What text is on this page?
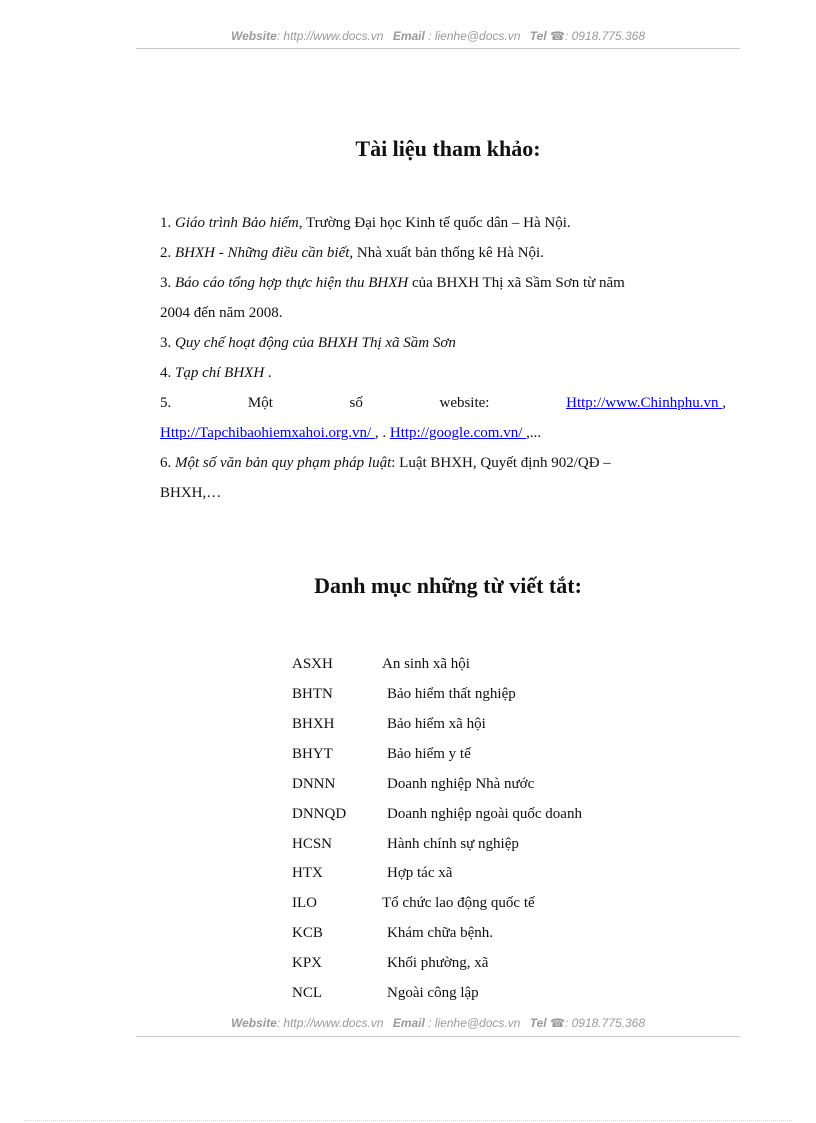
Website: http://www.docs.vn Email : lienhe@docs.vn Tel ☎: 0918.775.368
Tài liệu tham khảo:
1. Giáo trình Bảo hiểm, Trường Đại học Kinh tế quốc dân – Hà Nội.
2. BHXH - Những điều cần biết, Nhà xuất bản thống kê Hà Nội.
3. Báo cáo tổng hợp thực hiện thu BHXH của BHXH Thị xã Sầm Sơn từ năm
2004 đến năm 2008.
3. Quy chế hoạt động của BHXH Thị xã Sầm Sơn
4. Tạp chí BHXH .
5.	Một	số	website:	Http://www.Chinhphu.vn ,
Http://Tapchibaohiemxahoi.org.vn/ , . Http://google.com.vn/ ,...
6. Một số văn bản quy phạm pháp luật: Luật BHXH, Quyết định 902/QĐ –
BHXH,…
Danh mục những từ viết tắt:
ASXH	An sinh xã hội
BHTN	Bảo hiểm thất nghiệp
BHXH	Bảo hiểm xã hội
BHYT	Bảo hiểm y tế
DNNN	Doanh nghiệp Nhà nước
DNNQD	Doanh nghiệp ngoài quốc doanh
HCSN	Hành chính sự nghiệp
HTX	Hợp tác xã
ILO	Tổ chức lao động quốc tế
KCB	Khám chữa bệnh.
KPX	Khối phường, xã
NCL	Ngoài công lập
Website: http://www.docs.vn Email : lienhe@docs.vn Tel ☎: 0918.775.368
